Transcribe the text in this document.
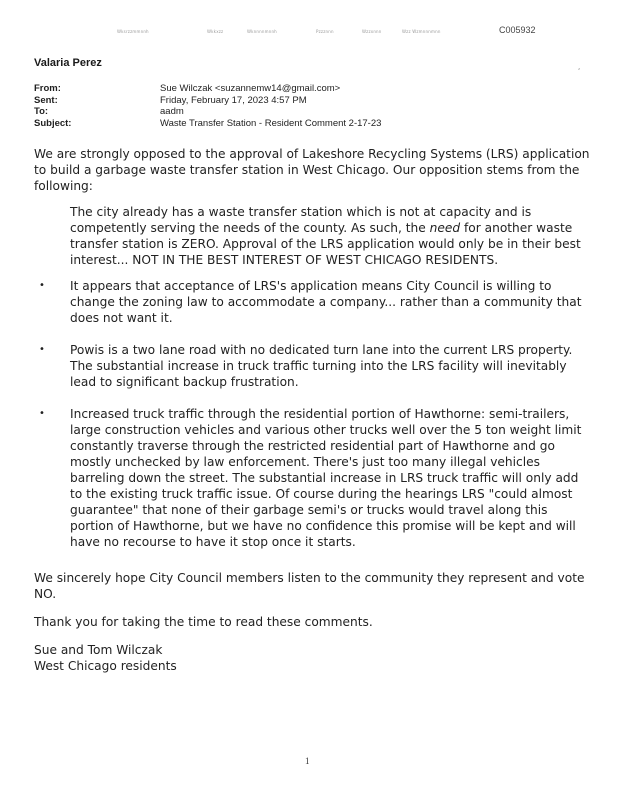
Wksrzzmmnnh	Wkkxzz	Wknnnnmnnh	Pzzznnn	Wzzxnnn	Wzz Wzmnnnmnn	C005932
,
Valaria Perez
From:	Sue Wilczak <suzannemw14@gmail.com>
Sent:	Friday, February 17, 2023 4:57 PM
To:	aadm
Subject:	Waste Transfer Station - Resident Comment 2-17-23

We are strongly opposed to the approval of Lakeshore Recycling Systems (LRS) application to build a garbage waste transfer station in West Chicago. Our opposition stems from the following:

The city already has a waste transfer station which is not at capacity and is competently serving the needs of the county. As such, the need for another waste transfer station is ZERO. Approval of the LRS application would only be in their best interest... NOT IN THE BEST INTEREST OF WEST CHICAGO RESIDENTS.

• It appears that acceptance of LRS's application means City Council is willing to change the zoning law to accommodate a company... rather than a community that does not want it.
• Powis is a two lane road with no dedicated turn lane into the current LRS property. The substantial increase in truck traffic turning into the LRS facility will inevitably lead to significant backup frustration.
• Increased truck traffic through the residential portion of Hawthorne: semi-trailers, large construction vehicles and various other trucks well over the 5 ton weight limit constantly traverse through the restricted residential part of Hawthorne and go mostly unchecked by law enforcement. There's just too many illegal vehicles barreling down the street. The substantial increase in LRS truck traffic will only add to the existing truck traffic issue. Of course during the hearings LRS "could almost guarantee" that none of their garbage semi's or trucks would travel along this portion of Hawthorne, but we have no confidence this promise will be kept and will have no recourse to have it stop once it starts.

We sincerely hope City Council members listen to the community they represent and vote NO.

Thank you for taking the time to read these comments.

Sue and Tom Wilczak
West Chicago residents

1
